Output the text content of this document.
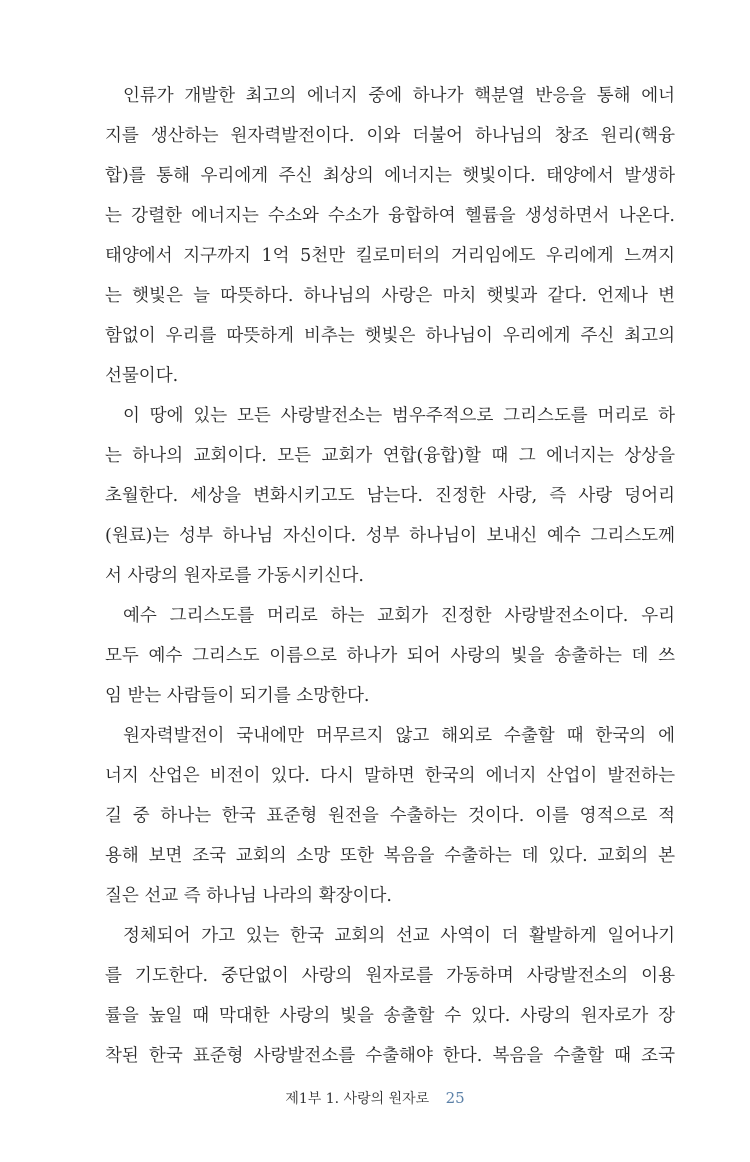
인류가 개발한 최고의 에너지 중에 하나가 핵분열 반응을 통해 에너
지를 생산하는 원자력발전이다. 이와 더불어 하나님의 창조 원리(핵융
합)를 통해 우리에게 주신 최상의 에너지는 햇빛이다. 태양에서 발생하
는 강렬한 에너지는 수소와 수소가 융합하여 헬륨을 생성하면서 나온다.
태양에서 지구까지 1억 5천만 킬로미터의 거리임에도 우리에게 느껴지
는 햇빛은 늘 따뜻하다. 하나님의 사랑은 마치 햇빛과 같다. 언제나 변
함없이 우리를 따뜻하게 비추는 햇빛은 하나님이 우리에게 주신 최고의
선물이다.
이 땅에 있는 모든 사랑발전소는 범우주적으로 그리스도를 머리로 하
는 하나의 교회이다. 모든 교회가 연합(융합)할 때 그 에너지는 상상을
초월한다. 세상을 변화시키고도 남는다. 진정한 사랑, 즉 사랑 덩어리
(원료)는 성부 하나님 자신이다. 성부 하나님이 보내신 예수 그리스도께
서 사랑의 원자로를 가동시키신다.
예수 그리스도를 머리로 하는 교회가 진정한 사랑발전소이다. 우리
모두 예수 그리스도 이름으로 하나가 되어 사랑의 빛을 송출하는 데 쓰
임 받는 사람들이 되기를 소망한다.
원자력발전이 국내에만 머무르지 않고 해외로 수출할 때 한국의 에
너지 산업은 비전이 있다. 다시 말하면 한국의 에너지 산업이 발전하는
길 중 하나는 한국 표준형 원전을 수출하는 것이다. 이를 영적으로 적
용해 보면 조국 교회의 소망 또한 복음을 수출하는 데 있다. 교회의 본
질은 선교 즉 하나님 나라의 확장이다.
정체되어 가고 있는 한국 교회의 선교 사역이 더 활발하게 일어나기
를 기도한다. 중단없이 사랑의 원자로를 가동하며 사랑발전소의 이용
률을 높일 때 막대한 사랑의 빛을 송출할 수 있다. 사랑의 원자로가 장
착된 한국 표준형 사랑발전소를 수출해야 한다. 복음을 수출할 때 조국
제1부 1. 사랑의 원자로 25
